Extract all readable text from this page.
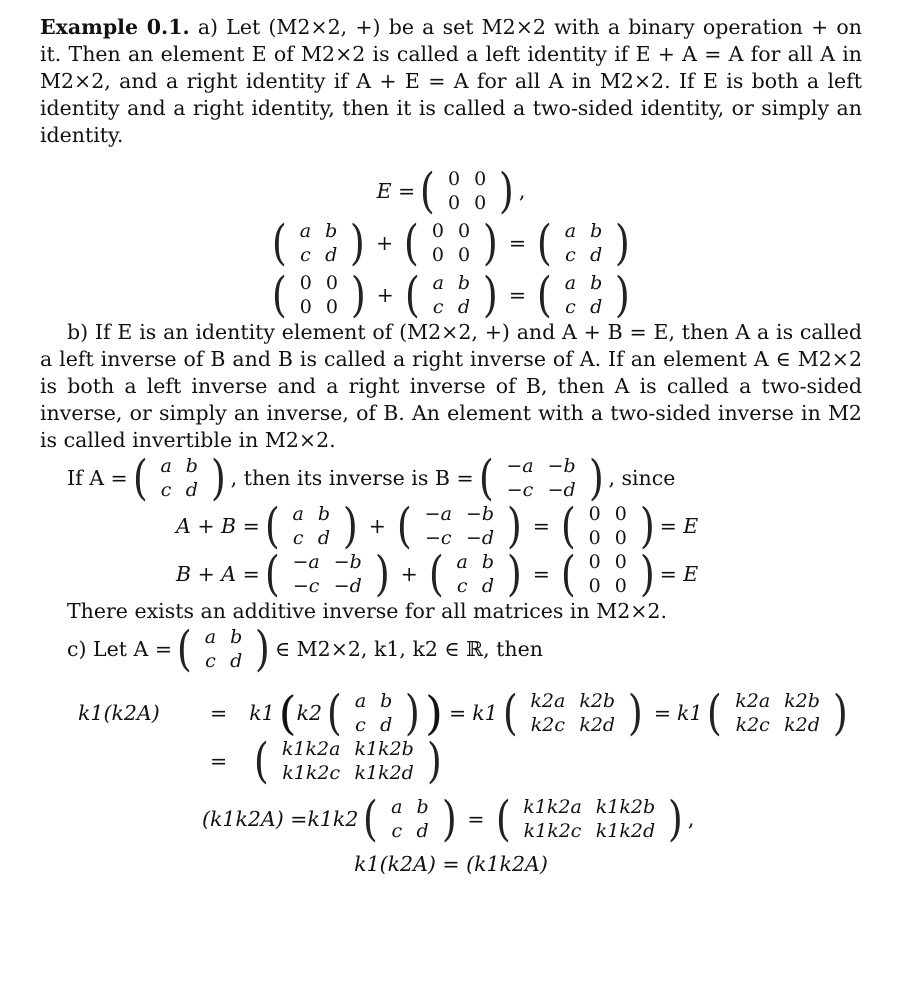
Example 0.1. a) Let (M2×2, +) be a set M2×2 with a binary operation + on it. Then an element E of M2×2 is called a left identity if E + A = A for all A in M2×2, and a right identity if A + E = A for all A in M2×2. If E is both a left identity and a right identity, then it is called a two-sided identity, or simply an identity.

E = ( 0	0
0	0 ) ,
( a	b
c	d ) + ( 0	0
0	0 ) = ( a	b
c	d )
( 0	0
0	0 ) + ( a	b
c	d ) = ( a	b
c	d )

b) If E is an identity element of (M2×2, +) and A + B = E, then A a is called a left inverse of B and B is called a right inverse of A. If an element A ∈ M2×2 is both a left inverse and a right inverse of B, then A is called a two-sided inverse, or simply an inverse, of B. An element with a two-sided inverse in M2 is called invertible in M2×2.

If A = ( a	b
c	d ) , then its inverse is B = ( −a	−b
−c	−d ) , since
A + B = ( a	b
c	d ) + ( −a	−b
−c	−d ) = ( 0	0
0	0 ) = E
B + A = ( −a	−b
−c	−d ) + ( a	b
c	d ) = ( 0	0
0	0 ) = E

There exists an additive inverse for all matrices in M2×2.

c) Let A = ( a	b
c	d ) ∈ M2×2, k1, k2 ∈ ℝ, then
k1(k2A)	= k1 ( k2 ( a	b
c	d ) ) = k1 ( k2a	k2b
k2c	k2d ) = k1 ( k2a	k2b
k2c	k2d )
= ( k1k2a	k1k2b
k1k2c	k1k2d )
(k1k2A) = k1k2 ( a	b
c	d ) = ( k1k2a	k1k2b
k1k2c	k1k2d ) ,
k1(k2A) = (k1k2A)
